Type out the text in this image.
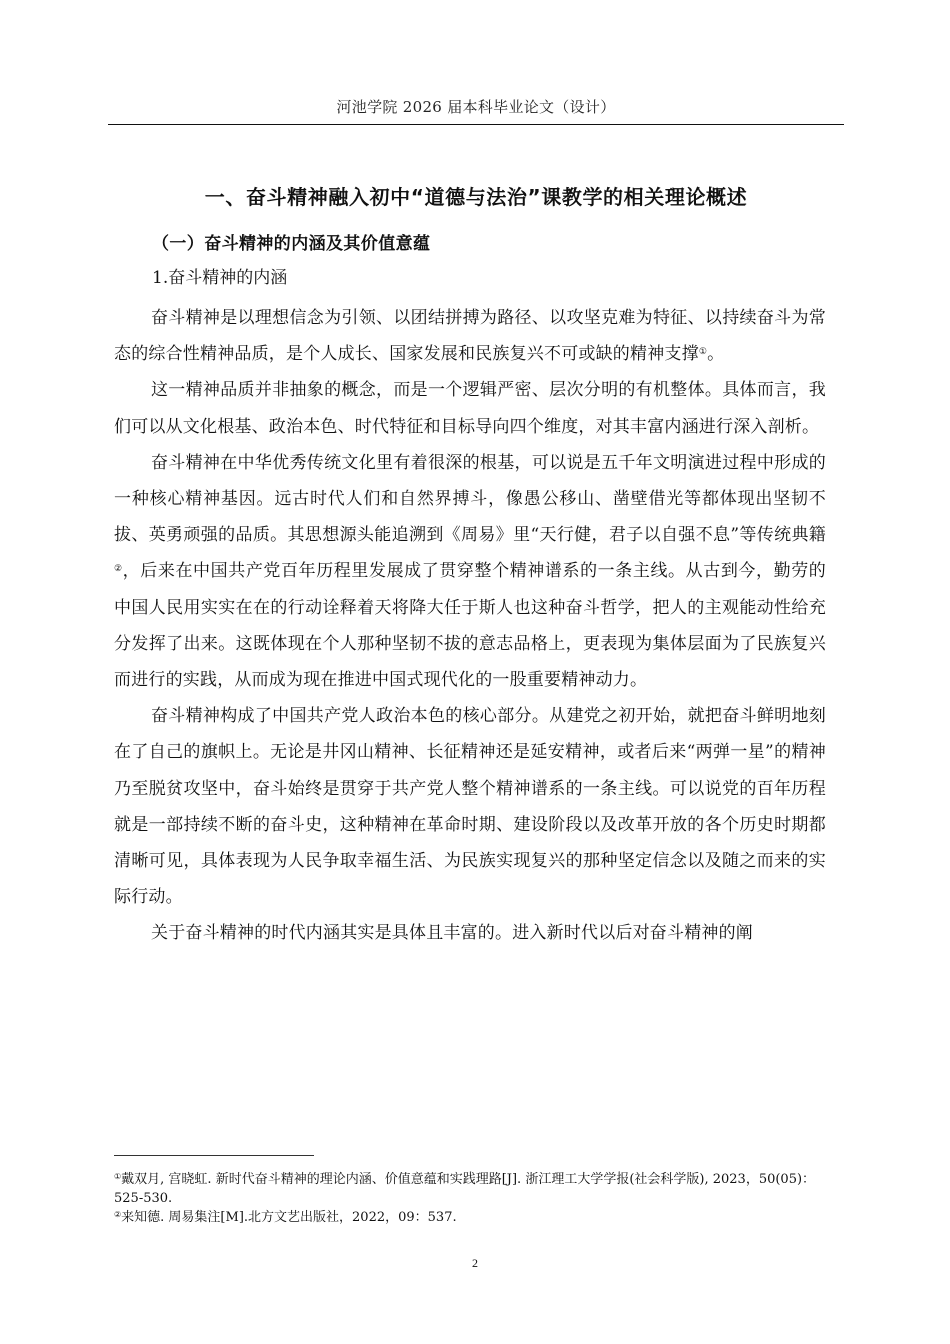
河池学院 2026 届本科毕业论文（设计）
一、奋斗精神融入初中“道德与法治”课教学的相关理论概述
（一）奋斗精神的内涵及其价值意蕴
1.奋斗精神的内涵

奋斗精神是以理想信念为引领、以团结拼搏为路径、以攻坚克难为特征、以持续奋斗为常态的综合性精神品质，是个人成长、国家发展和民族复兴不可或缺的精神支撑①。

这一精神品质并非抽象的概念，而是一个逻辑严密、层次分明的有机整体。具体而言，我们可以从文化根基、政治本色、时代特征和目标导向四个维度，对其丰富内涵进行深入剖析。

奋斗精神在中华优秀传统文化里有着很深的根基，可以说是五千年文明演进过程中形成的一种核心精神基因。远古时代人们和自然界搏斗，像愚公移山、凿壁借光等都体现出坚韧不拔、英勇顽强的品质。其思想源头能追溯到《周易》里“天行健，君子以自强不息”等传统典籍②，后来在中国共产党百年历程里发展成了贯穿整个精神谱系的一条主线。从古到今，勤劳的中国人民用实实在在的行动诠释着天将降大任于斯人也这种奋斗哲学，把人的主观能动性给充分发挥了出来。这既体现在个人那种坚韧不拔的意志品格上，更表现为集体层面为了民族复兴而进行的实践，从而成为现在推进中国式现代化的一股重要精神动力。

奋斗精神构成了中国共产党人政治本色的核心部分。从建党之初开始，就把奋斗鲜明地刻在了自己的旗帜上。无论是井冈山精神、长征精神还是延安精神，或者后来“两弹一星”的精神乃至脱贫攻坚中，奋斗始终是贯穿于共产党人整个精神谱系的一条主线。可以说党的百年历程就是一部持续不断的奋斗史，这种精神在革命时期、建设阶段以及改革开放的各个历史时期都清晰可见，具体表现为人民争取幸福生活、为民族实现复兴的那种坚定信念以及随之而来的实际行动。

关于奋斗精神的时代内涵其实是具体且丰富的。进入新时代以后对奋斗精神的阐

①戴双月, 宫晓虹. 新时代奋斗精神的理论内涵、价值意蕴和实践理路[J]. 浙江理工大学学报(社会科学版), 2023，50(05)：525-530.

②来知德. 周易集注[M].北方文艺出版社，2022，09：537.

2
